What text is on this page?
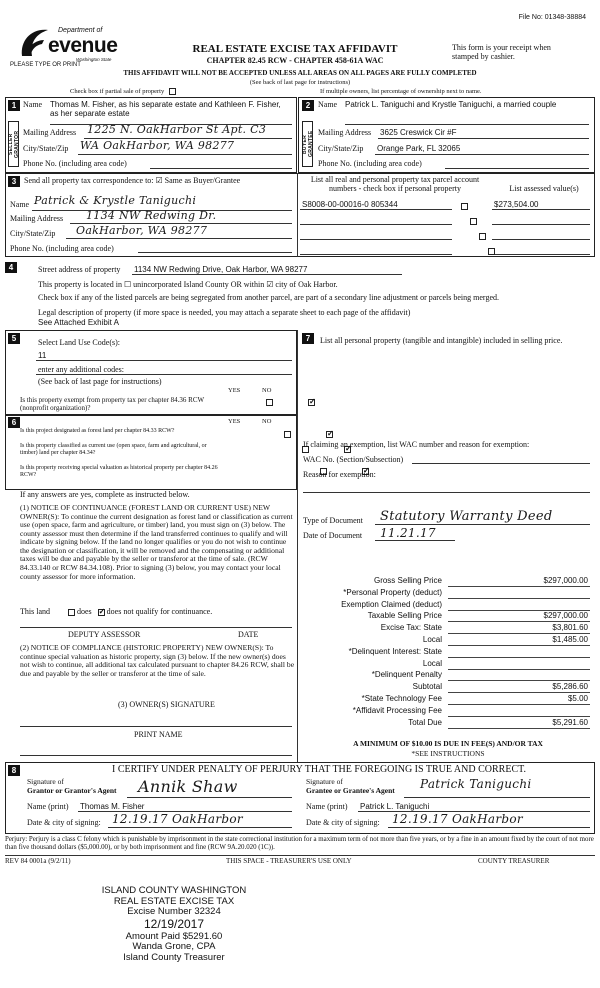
File No: 01348-38884
Department of
evenue
Washington State
PLEASE TYPE OR PRINT
REAL ESTATE EXCISE TAX AFFIDAVIT
CHAPTER 82.45 RCW - CHAPTER 458-61A WAC
This form is your receipt when stamped by cashier.
THIS AFFIDAVIT WILL NOT BE ACCEPTED UNLESS ALL AREAS ON ALL PAGES ARE FULLY COMPLETED
(See back of last page for instructions)
Check box if partial sale of property	If multiple owners, list percentage of ownership next to name.
1
SELLER GRANTOR
Name Thomas M. Fisher, as his separate estate and Kathleen F. Fisher, as her separate estate
Mailing Address 1225 N. OakHarbor St Apt. C3
City/State/Zip WA OakHarbor, WA 98277
Phone No. (including area code)
2
BUYER GRANTEE
Name Patrick L. Taniguchi and Krystle Taniguchi, a married couple
Mailing Address 3625 Creswick Cir #F
City/State/Zip Orange Park, FL 32065
Phone No. (including area code)
3 Send all property tax correspondence to: ☑ Same as Buyer/Grantee
Name Patrick & Krystle Taniguchi
Mailing Address 1134 NW Redwing Dr.
City/State/Zip OakHarbor, WA 98277
Phone No. (including area code)
List all real and personal property tax parcel account numbers - check box if personal property	List assessed value(s)
S8008-00-00016-0 805344	$273,504.00

4	Street address of property 1134 NW Redwing Drive, Oak Harbor, WA 98277
This property is located in ☐ unincorporated Island County OR within ☑ city of Oak Harbor.
Check box if any of the listed parcels are being segregated from another parcel, are part of a secondary line adjustment or parcels being merged.
Legal description of property (if more space is needed, you may attach a separate sheet to each page of the affidavit)
See Attached Exhibit A
5	Select Land Use Code(s):
11
enter any additional codes:
(See back of last page for instructions)
YES	NO
Is this property exempt from property tax per chapter 84.36 RCW (nonprofit organization)?
✓
6	YES	NO
Is this project designated as forest land per chapter 84.33 RCW?
✓
Is this property classified as current use (open space, farm and agricultural, or timber) land per chapter 84.34?
✓
Is this property receiving special valuation as historical property per chapter 84.26 RCW?
✓
If any answers are yes, complete as instructed below.
(1) NOTICE OF CONTINUANCE (FOREST LAND OR CURRENT USE) NEW OWNER(S): To continue the current designation as forest land or classification as current use (open space, farm and agriculture, or timber) land, you must sign on (3) below. The county assessor must then determine if the land transferred continues to qualify and will indicate by signing below. If the land no longer qualifies or you do not wish to continue the designation or classification, it will be removed and the compensating or additional taxes will be due and payable by the seller or transferor at the time of sale. (RCW 84.33.140 or RCW 84.34.108). Prior to signing (3) below, you may contact your local county assessor for more information.
This land	does ✓ does not qualify for continuance.
DEPUTY ASSESSOR	DATE
(2) NOTICE OF COMPLIANCE (HISTORIC PROPERTY) NEW OWNER(S): To continue special valuation as historic property, sign (3) below. If the new owner(s) does not wish to continue, all additional tax calculated pursuant to chapter 84.26 RCW, shall be due and payable by the seller or transferor at the time of sale.
(3) OWNER(S) SIGNATURE
PRINT NAME
7	List all personal property (tangible and intangible) included in selling price.
If claiming an exemption, list WAC number and reason for exemption:
WAC No. (Section/Subsection)
Reason for exemption:
Type of Document Statutory Warranty Deed
Date of Document 11.21.17
Gross Selling Price	$297,000.00
*Personal Property (deduct)
Exemption Claimed (deduct)
Taxable Selling Price	$297,000.00
Excise Tax: State	$3,801.60
Local	$1,485.00
*Delinquent Interest: State
Local
*Delinquent Penalty
Subtotal	$5,286.60
*State Technology Fee	$5.00
*Affidavit Processing Fee
Total Due	$5,291.60
A MINIMUM OF $10.00 IS DUE IN FEE(S) AND/OR TAX
*SEE INSTRUCTIONS
8	I CERTIFY UNDER PENALTY OF PERJURY THAT THE FOREGOING IS TRUE AND CORRECT.
Signature of
Grantor or Grantor's Agent Annik Shaw
Name (print) Thomas M. Fisher
Date & city of signing: 12.19.17 OakHarbor
Signature of
Grantee or Grantee's Agent Patrick Taniguchi
Name (print) Patrick L. Taniguchi
Date & city of signing: 12.19.17 OakHarbor
Perjury: Perjury is a class C felony which is punishable by imprisonment in the state correctional institution for a maximum term of not more than five years, or by a fine in an amount fixed by the court of not more than five thousand dollars ($5,000.00), or by both imprisonment and fine (RCW 9A.20.020 (1C)).
REV 84 0001a (9/2/11)	THIS SPACE - TREASURER'S USE ONLY	COUNTY TREASURER
ISLAND COUNTY WASHINGTON
REAL ESTATE EXCISE TAX
Excise Number 32324
12/19/2017
Amount Paid $5291.60
Wanda Grone, CPA
Island County Treasurer
